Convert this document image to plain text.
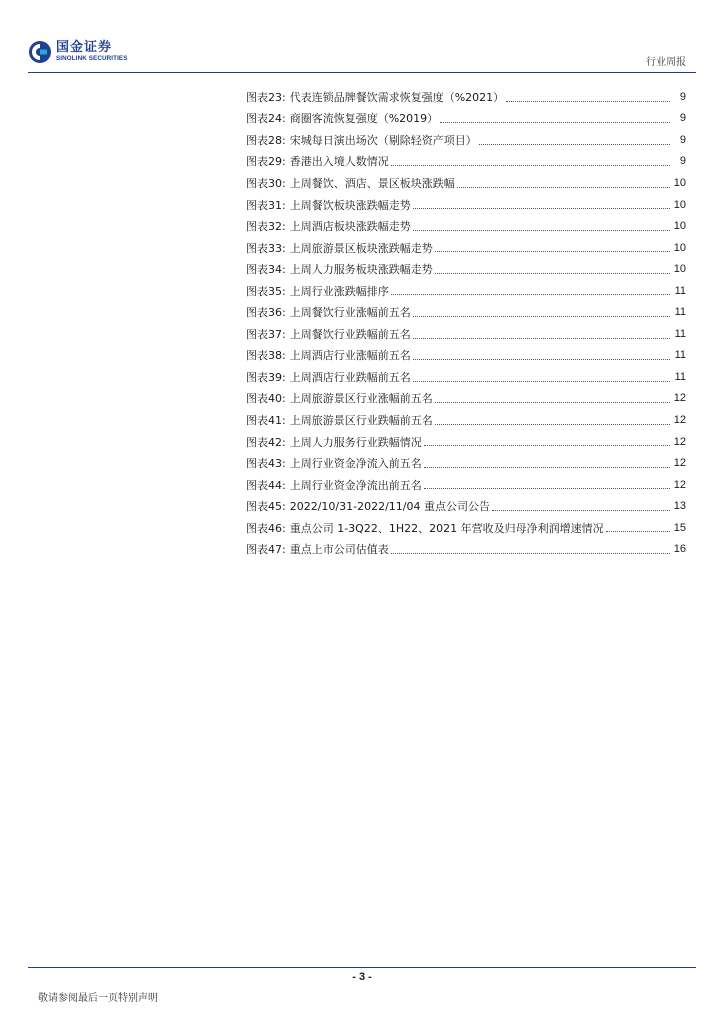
国金证券
SINOLINK SECURITIES	行业周报
图表23: 代表连锁品牌餐饮需求恢复强度（%2021）	9
图表24: 商圈客流恢复强度（%2019）	9
图表28: 宋城每日演出场次（剔除轻资产项目）	9
图表29: 香港出入境人数情况	9
图表30: 上周餐饮、酒店、景区板块涨跌幅	10
图表31: 上周餐饮板块涨跌幅走势	10
图表32: 上周酒店板块涨跌幅走势	10
图表33: 上周旅游景区板块涨跌幅走势	10
图表34: 上周人力服务板块涨跌幅走势	10
图表35: 上周行业涨跌幅排序	11
图表36: 上周餐饮行业涨幅前五名	11
图表37: 上周餐饮行业跌幅前五名	11
图表38: 上周酒店行业涨幅前五名	11
图表39: 上周酒店行业跌幅前五名	11
图表40: 上周旅游景区行业涨幅前五名	12
图表41: 上周旅游景区行业跌幅前五名	12
图表42: 上周人力服务行业跌幅情况	12
图表43: 上周行业资金净流入前五名	12
图表44: 上周行业资金净流出前五名	12
图表45: 2022/10/31-2022/11/04 重点公司公告	13
图表46: 重点公司 1-3Q22、1H22、2021 年营收及归母净利润增速情况	15
图表47: 重点上市公司估值表	16
- 3 -
敬请参阅最后一页特别声明
